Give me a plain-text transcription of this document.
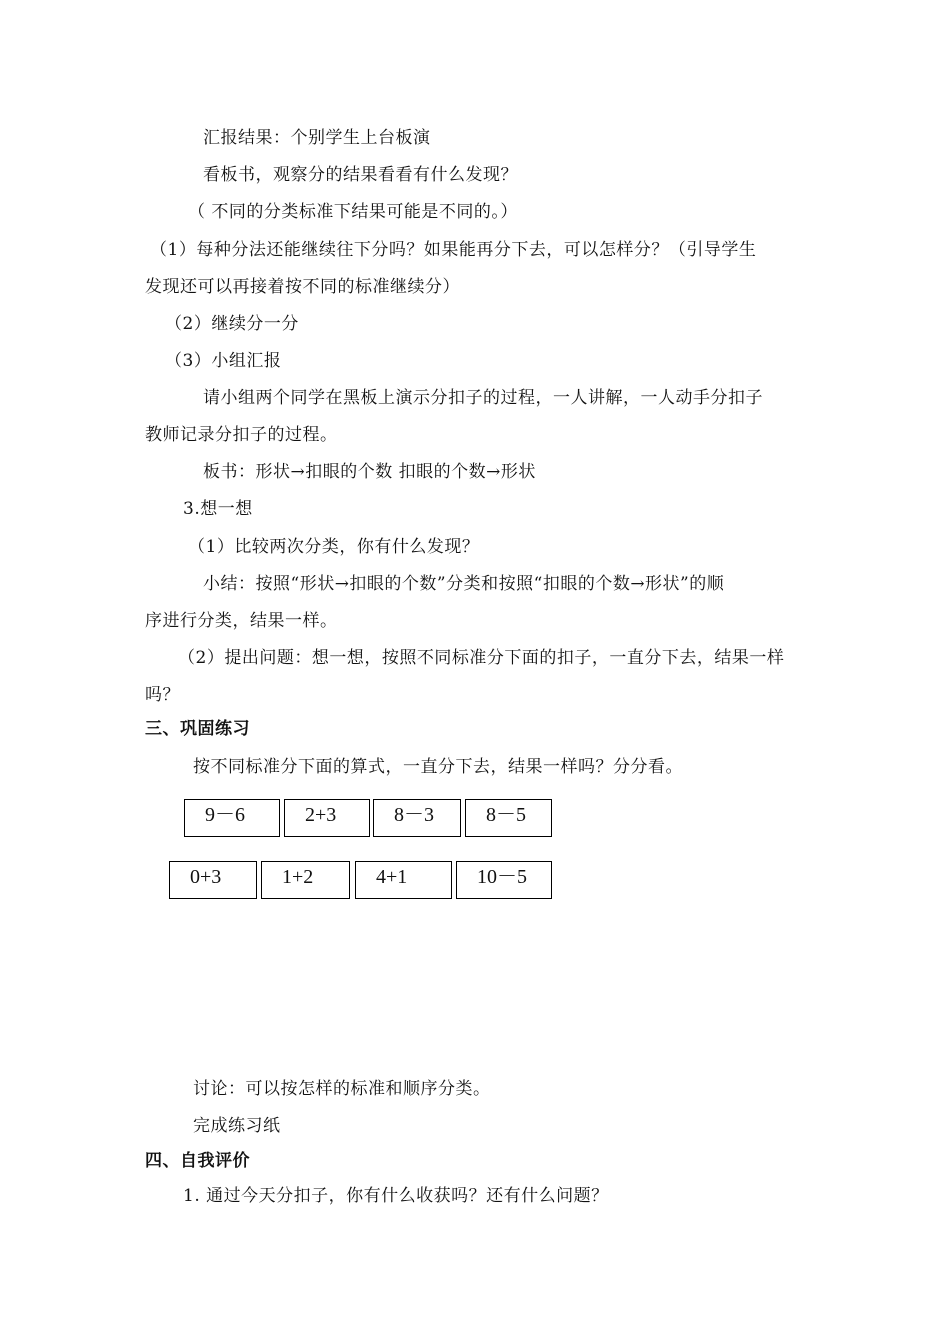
汇报结果：个别学生上台板演
看板书，观察分的结果看看有什么发现？
（ 不同的分类标准下结果可能是不同的。）
（1）每种分法还能继续往下分吗？如果能再分下去，可以怎样分？（引导学生
发现还可以再接着按不同的标准继续分）
（2）继续分一分
（3）小组汇报
请小组两个同学在黑板上演示分扣子的过程，一人讲解，一人动手分扣子
教师记录分扣子的过程。
板书：形状→扣眼的个数 扣眼的个数→形状
3.想一想
（1）比较两次分类，你有什么发现？
小结：按照“形状→扣眼的个数”分类和按照“扣眼的个数→形状”的顺
序进行分类，结果一样。
（2）提出问题：想一想，按照不同标准分下面的扣子，一直分下去，结果一样
吗？
三、巩固练习
按不同标准分下面的算式，一直分下去，结果一样吗？分分看。
9－6	2+3	8－3	8－5
0+3	1+2	4+1	10－5
讨论：可以按怎样的标准和顺序分类。
完成练习纸
四、自我评价
1. 通过今天分扣子，你有什么收获吗？还有什么问题？
